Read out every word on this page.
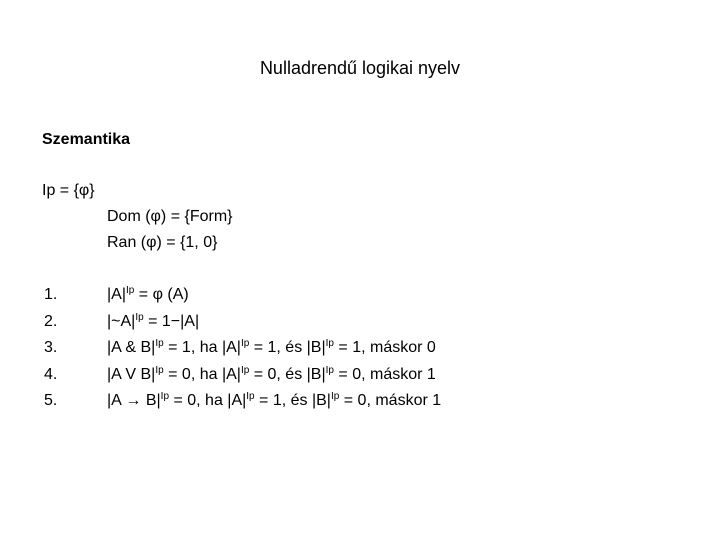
Nulladrendű logikai nyelv
Szemantika
Ip = {φ}
Dom (φ) = {Form}
Ran (φ) = {1, 0}
1.	$|A|^{Ip} = \varphi$ (A)
2.	$|\sim A|^{Ip} = 1-|A|$
3.	|A & $B|^{Ip} = 1$, ha $|A|^{Ip} = 1$, és $|B|^{Ip} = 1$, máskor 0
4.	|A V $B|^{Ip} = 0$, ha $|A|^{Ip} = 0$, és $|B|^{Ip} = 0$, máskor 1
5.	$|A \to B|^{Ip} = 0$, ha $|A|^{Ip} = 1$, és $|B|^{Ip} = 0$, máskor 1
